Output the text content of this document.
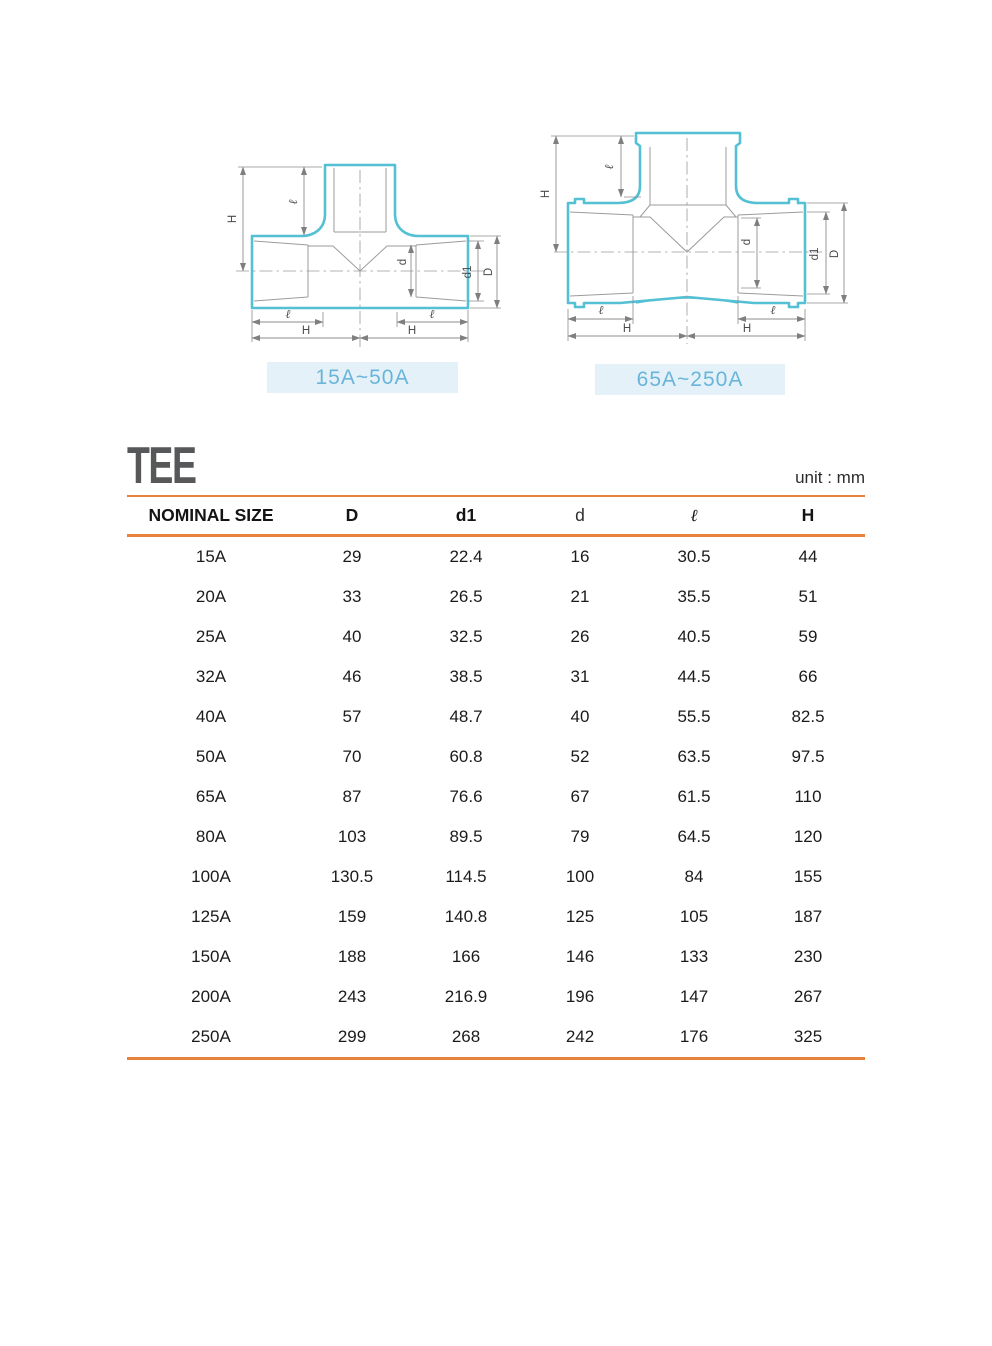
H
ℓ
d
d1 D
ℓ
H
ℓ
H
H
ℓ
d
d1 D
ℓ
H
ℓ
H
15A~50A	65A~250A
TEE	unit : mm
NOMINAL SIZE	D	d1	d	ℓ	H
15A	29	22.4	16	30.5	44
20A	33	26.5	21	35.5	51
25A	40	32.5	26	40.5	59
32A	46	38.5	31	44.5	66
40A	57	48.7	40	55.5	82.5
50A	70	60.8	52	63.5	97.5
65A	87	76.6	67	61.5	110
80A	103	89.5	79	64.5	120
100A	130.5	114.5	100	84	155
125A	159	140.8	125	105	187
150A	188	166	146	133	230
200A	243	216.9	196	147	267
250A	299	268	242	176	325
